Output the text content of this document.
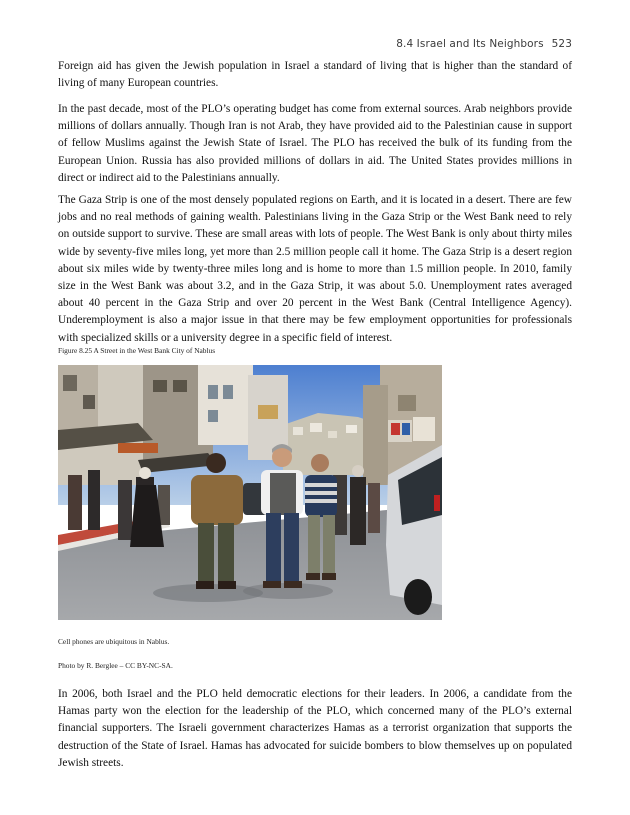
8.4 Israel and Its Neighbors 523

Foreign aid has given the Jewish population in Israel a standard of living that is higher than the standard of living of many European countries.

In the past decade, most of the PLO’s operating budget has come from external sources. Arab neighbors provide millions of dollars annually. Though Iran is not Arab, they have provided aid to the Palestinian cause in support of fellow Muslims against the Jewish State of Israel. The PLO has received the bulk of its funding from the European Union. Russia has also provided millions of dollars in aid. The United States provides millions in direct or indirect aid to the Palestinians annually.

The Gaza Strip is one of the most densely populated regions on Earth, and it is located in a desert. There are few jobs and no real methods of gaining wealth. Palestinians living in the Gaza Strip or the West Bank need to rely on outside support to survive. These are small areas with lots of people. The West Bank is only about thirty miles wide by seventy-five miles long, yet more than 2.5 million people call it home. The Gaza Strip is a desert region about six miles wide by twenty-three miles long and is home to more than 1.5 million people. In 2010, family size in the West Bank was about 3.2, and in the Gaza Strip, it was about 5.0. Unemployment rates averaged about 40 percent in the Gaza Strip and over 20 percent in the West Bank (Central Intelligence Agency). Underemployment is also a major issue in that there may be few employment opportunities for professionals with specialized skills or a university degree in a specific field of interest.

Figure 8.25 A Street in the West Bank City of Nablus

Cell phones are ubiquitous in Nablus.

Photo by R. Berglee – CC BY-NC-SA.

In 2006, both Israel and the PLO held democratic elections for their leaders. In 2006, a candidate from the Hamas party won the election for the leadership of the PLO, which concerned many of the PLO’s external financial supporters. The Israeli government characterizes Hamas as a terrorist organization that supports the destruction of the State of Israel. Hamas has advocated for suicide bombers to blow themselves up on populated Jewish streets.
